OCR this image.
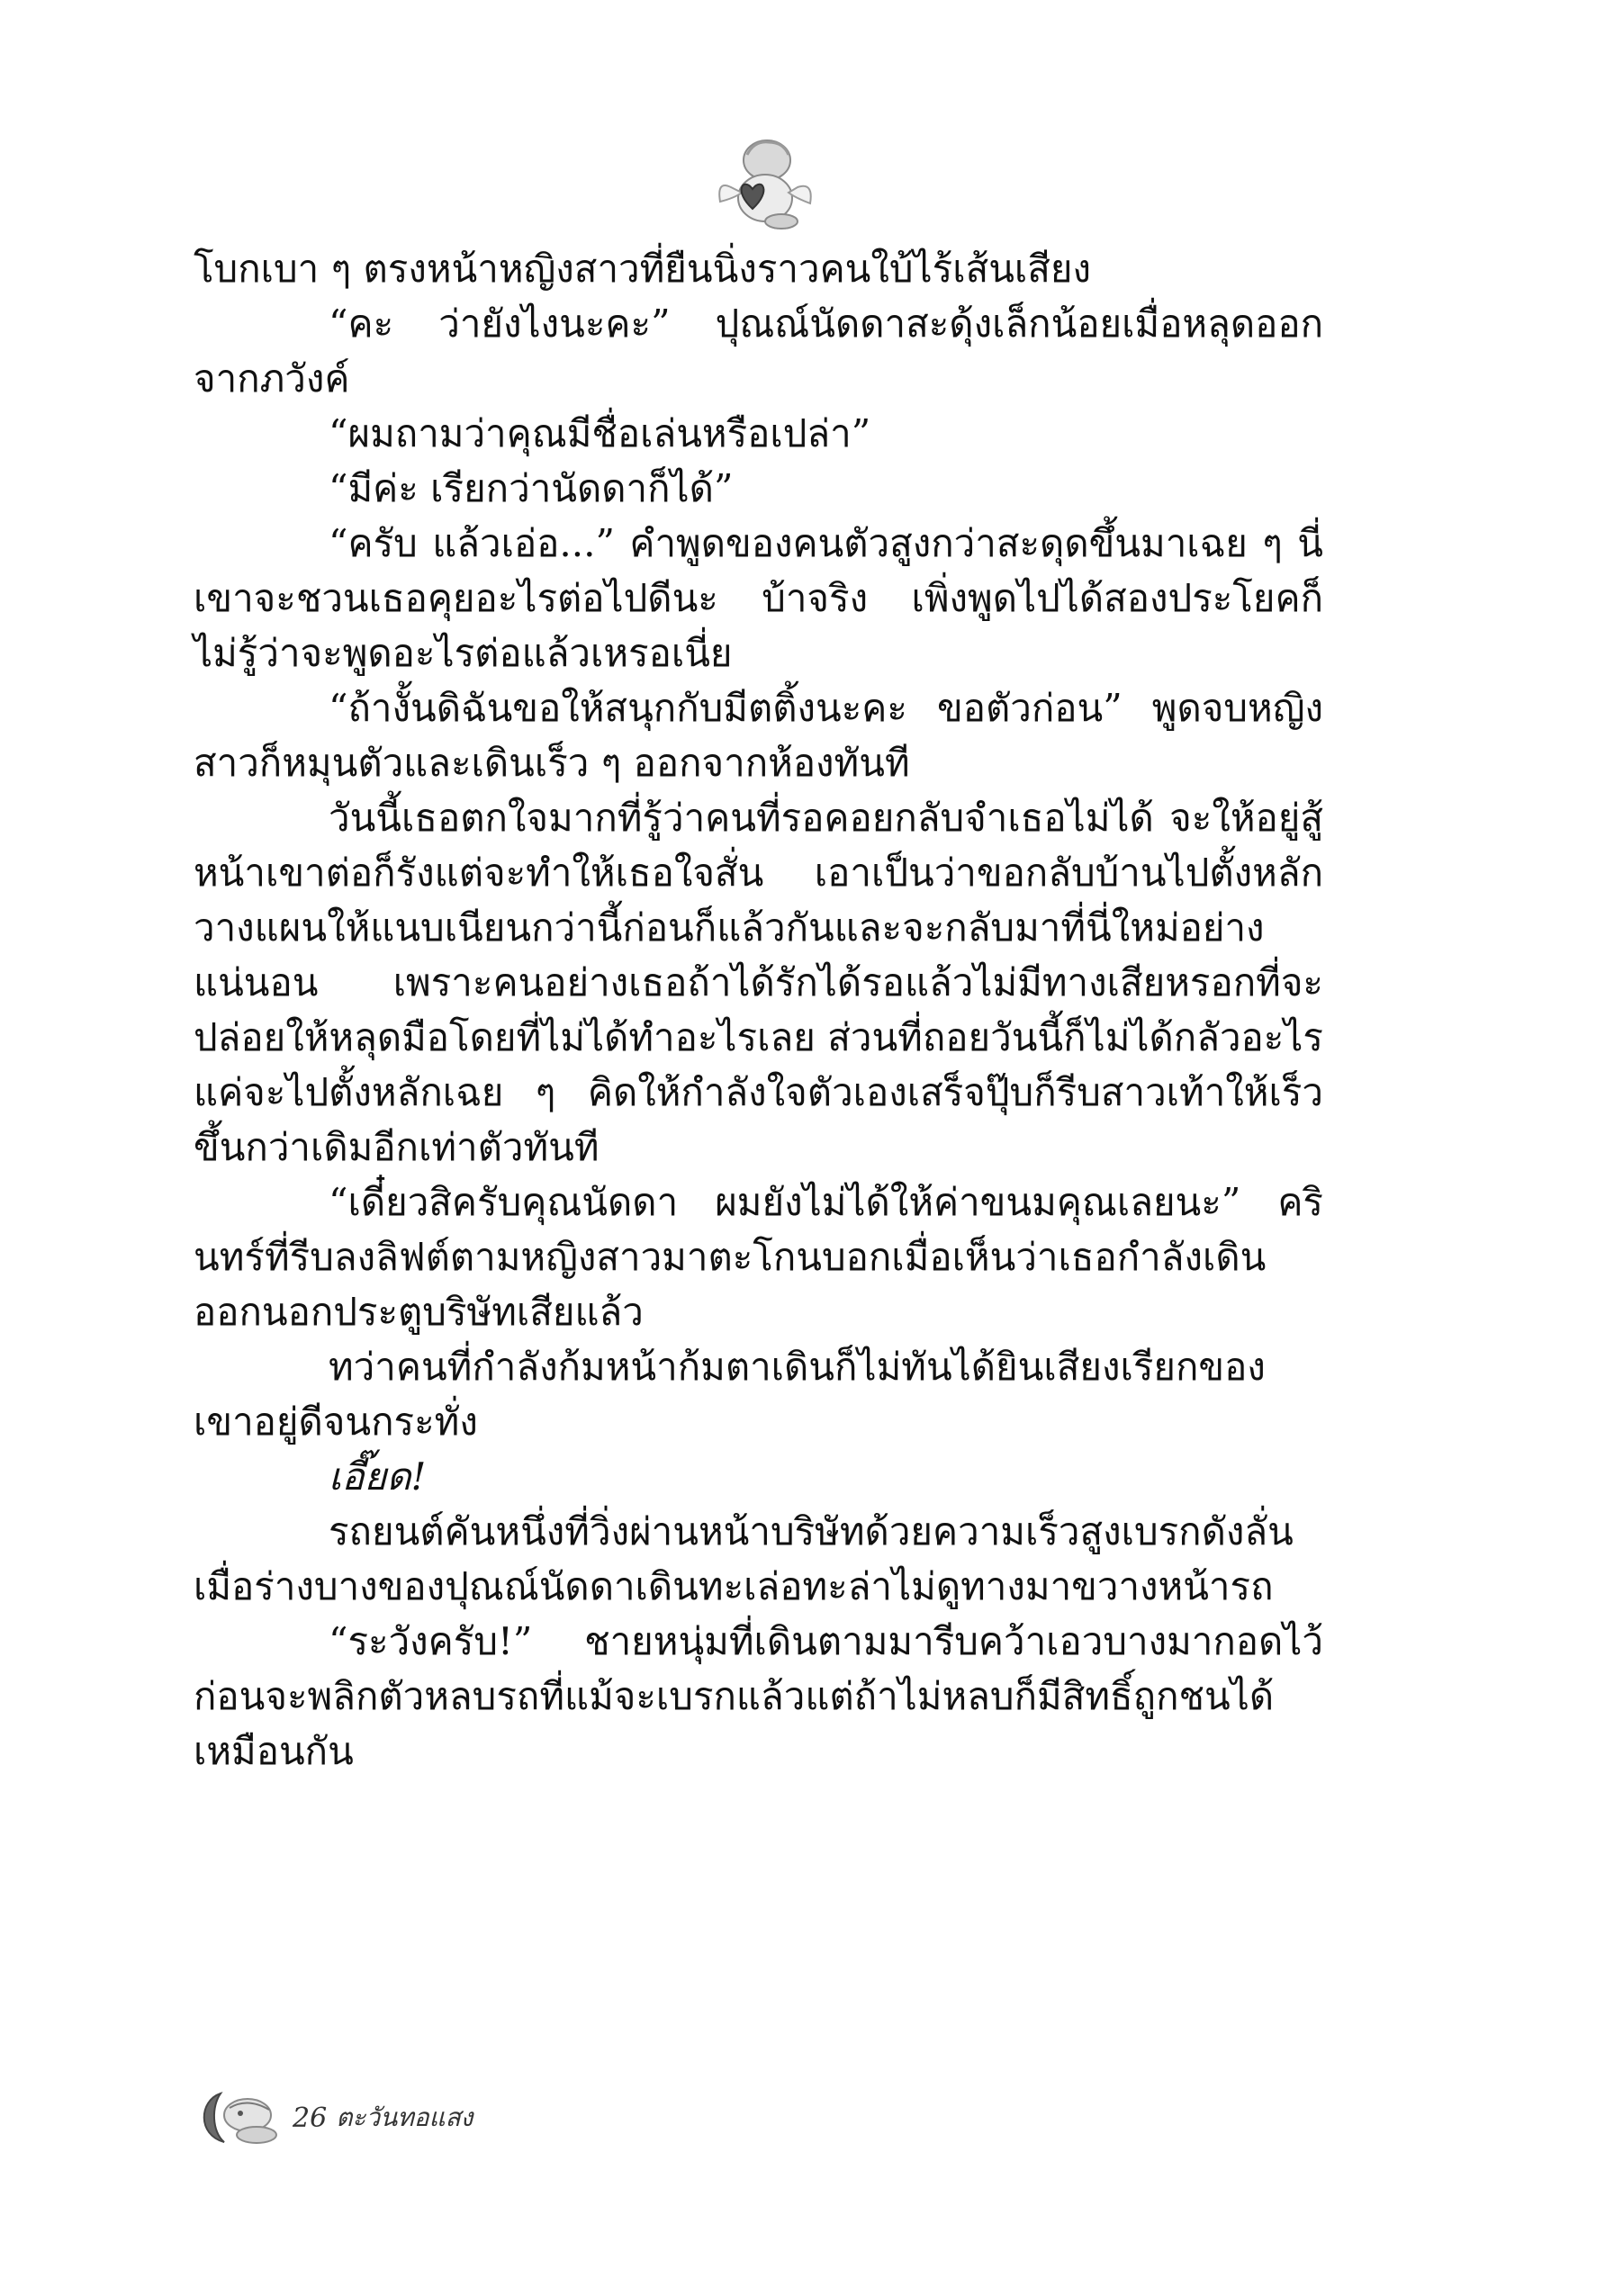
โบกเบา ๆ ตรงหน้าหญิงสาวที่ยืนนิ่งราวคนใบ้ไร้เส้นเสียง

“คะ ว่ายังไงนะคะ” ปุณณ์นัดดาสะดุ้งเล็กน้อยเมื่อหลุดออกจากภวังค์

“ผมถามว่าคุณมีชื่อเล่นหรือเปล่า”

“มีค่ะ เรียกว่านัดดาก็ได้”

“ครับ แล้วเอ่อ...” คำพูดของคนตัวสูงกว่าสะดุดขึ้นมาเฉย ๆ นี่เขาจะชวนเธอคุยอะไรต่อไปดีนะ บ้าจริง เพิ่งพูดไปได้สองประโยคก็ไม่รู้ว่าจะพูดอะไรต่อแล้วเหรอเนี่ย

“ถ้างั้นดิฉันขอให้สนุกกับมีตติ้งนะคะ ขอตัวก่อน” พูดจบหญิงสาวก็หมุนตัวและเดินเร็ว ๆ ออกจากห้องทันที

วันนี้เธอตกใจมากที่รู้ว่าคนที่รอคอยกลับจำเธอไม่ได้ จะให้อยู่สู้หน้าเขาต่อก็รังแต่จะทำให้เธอใจสั่น เอาเป็นว่าขอกลับบ้านไปตั้งหลักวางแผนให้แนบเนียนกว่านี้ก่อนก็แล้วกันและจะกลับมาที่นี่ใหม่อย่างแน่นอน เพราะคนอย่างเธอถ้าได้รักได้รอแล้วไม่มีทางเสียหรอกที่จะปล่อยให้หลุดมือโดยที่ไม่ได้ทำอะไรเลย ส่วนที่ถอยวันนี้ก็ไม่ได้กลัวอะไร แค่จะไปตั้งหลักเฉย ๆ คิดให้กำลังใจตัวเองเสร็จปุ๊บก็รีบสาวเท้าให้เร็วขึ้นกว่าเดิมอีกเท่าตัวทันที

“เดี๋ยวสิครับคุณนัดดา ผมยังไม่ได้ให้ค่าขนมคุณเลยนะ” ครินทร์ที่รีบลงลิฟต์ตามหญิงสาวมาตะโกนบอกเมื่อเห็นว่าเธอกำลังเดินออกนอกประตูบริษัทเสียแล้ว

ทว่าคนที่กำลังก้มหน้าก้มตาเดินก็ไม่ทันได้ยินเสียงเรียกของเขาอยู่ดีจนกระทั่ง

เอี๊ยด!

รถยนต์คันหนึ่งที่วิ่งผ่านหน้าบริษัทด้วยความเร็วสูงเบรกดังลั่นเมื่อร่างบางของปุณณ์นัดดาเดินทะเล่อทะล่าไม่ดูทางมาขวางหน้ารถ

“ระวังครับ!” ชายหนุ่มที่เดินตามมารีบคว้าเอวบางมากอดไว้ก่อนจะพลิกตัวหลบรถที่แม้จะเบรกแล้วแต่ถ้าไม่หลบก็มีสิทธิ์ถูกชนได้เหมือนกัน

26 ตะวันทอแสง
